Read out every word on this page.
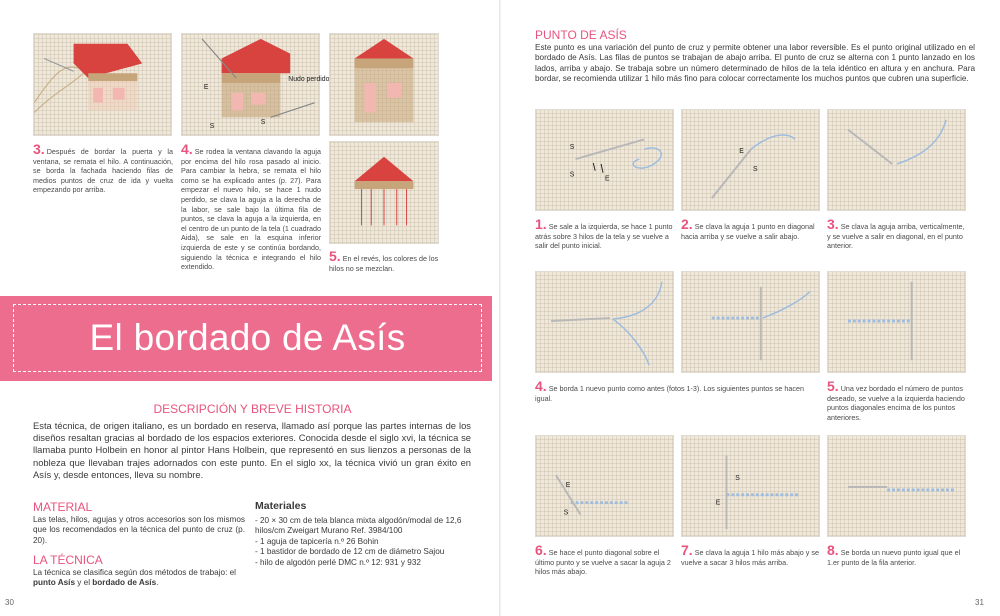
E
S
S
Nudo perdido
3. Después de bordar la puerta y la ventana, se remata el hilo. A continuación, se borda la fachada haciendo filas de medios puntos de cruz de ida y vuelta empezando por arriba.
4. Se rodea la ventana clavando la aguja por encima del hilo rosa pasado al inicio. Para cambiar la hebra, se remata el hilo como se ha explicado antes (p. 27). Para empezar el nuevo hilo, se hace 1 nudo perdido, se clava la aguja a la derecha de la labor, se sale bajo la última fila de puntos, se clava la aguja a la izquierda, en el centro de un punto de la tela (1 cuadrado Aida), se sale en la esquina inferior izquierda de este y se continúa bordando, siguiendo la técnica e integrando el hilo extendido.
5. En el revés, los colores de los hilos no se mezclan.
El bordado de Asís
DESCRIPCIÓN Y BREVE HISTORIA

Esta técnica, de origen italiano, es un bordado en reserva, llamado así porque las partes internas de los diseños resaltan gracias al bordado de los espacios exteriores. Conocida desde el siglo xvi, la técnica se llamaba punto Holbein en honor al pintor Hans Holbein, que representó en sus lienzos a personas de la nobleza que llevaban trajes adornados con este punto. En el siglo xx, la técnica vivió un gran éxito en Asís y, desde entonces, lleva su nombre.

MATERIAL

Las telas, hilos, agujas y otros accesorios son los mismos que los recomendados en la técnica del punto de cruz (p. 20).

LA TÉCNICA

La técnica se clasifica según dos métodos de trabajo: el punto Asís y el bordado de Asís.

Materiales
- 20 × 30 cm de tela blanca mixta algodón/modal de 12,6 hilos/cm Zweigart Murano Ref. 3984/100
- 1 aguja de tapicería n.º 26 Bohin
- 1 bastidor de bordado de 12 cm de diámetro Sajou
- hilo de algodón perlé DMC n.º 12: 931 y 932
30
PUNTO DE ASÍS

Este punto es una variación del punto de cruz y permite obtener una labor reversible. Es el punto original utilizado en el bordado de Asís. Las filas de puntos se trabajan de abajo arriba. El punto de cruz se alterna con 1 punto lanzado en los lados, arriba y abajo. Se trabaja sobre un número determinado de hilos de la tela idéntico en altura y en anchura. Para bordar, se recomienda utilizar 1 hilo más fino para colocar correctamente los muchos puntos que cubren una superficie.

S
S
E
E
S
1. Se sale a la izquierda, se hace 1 punto atrás sobre 3 hilos de la tela y se vuelve a salir del punto inicial.
2. Se clava la aguja 1 punto en diagonal hacia arriba y se vuelve a salir abajo.
3. Se clava la aguja arriba, verticalmente, y se vuelve a salir en diagonal, en el punto anterior.
4. Se borda 1 nuevo punto como antes (fotos 1-3). Los siguientes puntos se hacen igual.
5. Una vez bordado el número de puntos deseado, se vuelve a la izquierda haciendo puntos diagonales encima de los puntos anteriores.
E
S
S
E
6. Se hace el punto diagonal sobre el último punto y se vuelve a sacar la aguja 2 hilos más abajo.
7. Se clava la aguja 1 hilo más abajo y se vuelve a sacar 3 hilos más arriba.
8. Se borda un nuevo punto igual que el 1.er punto de la fila anterior.
31
